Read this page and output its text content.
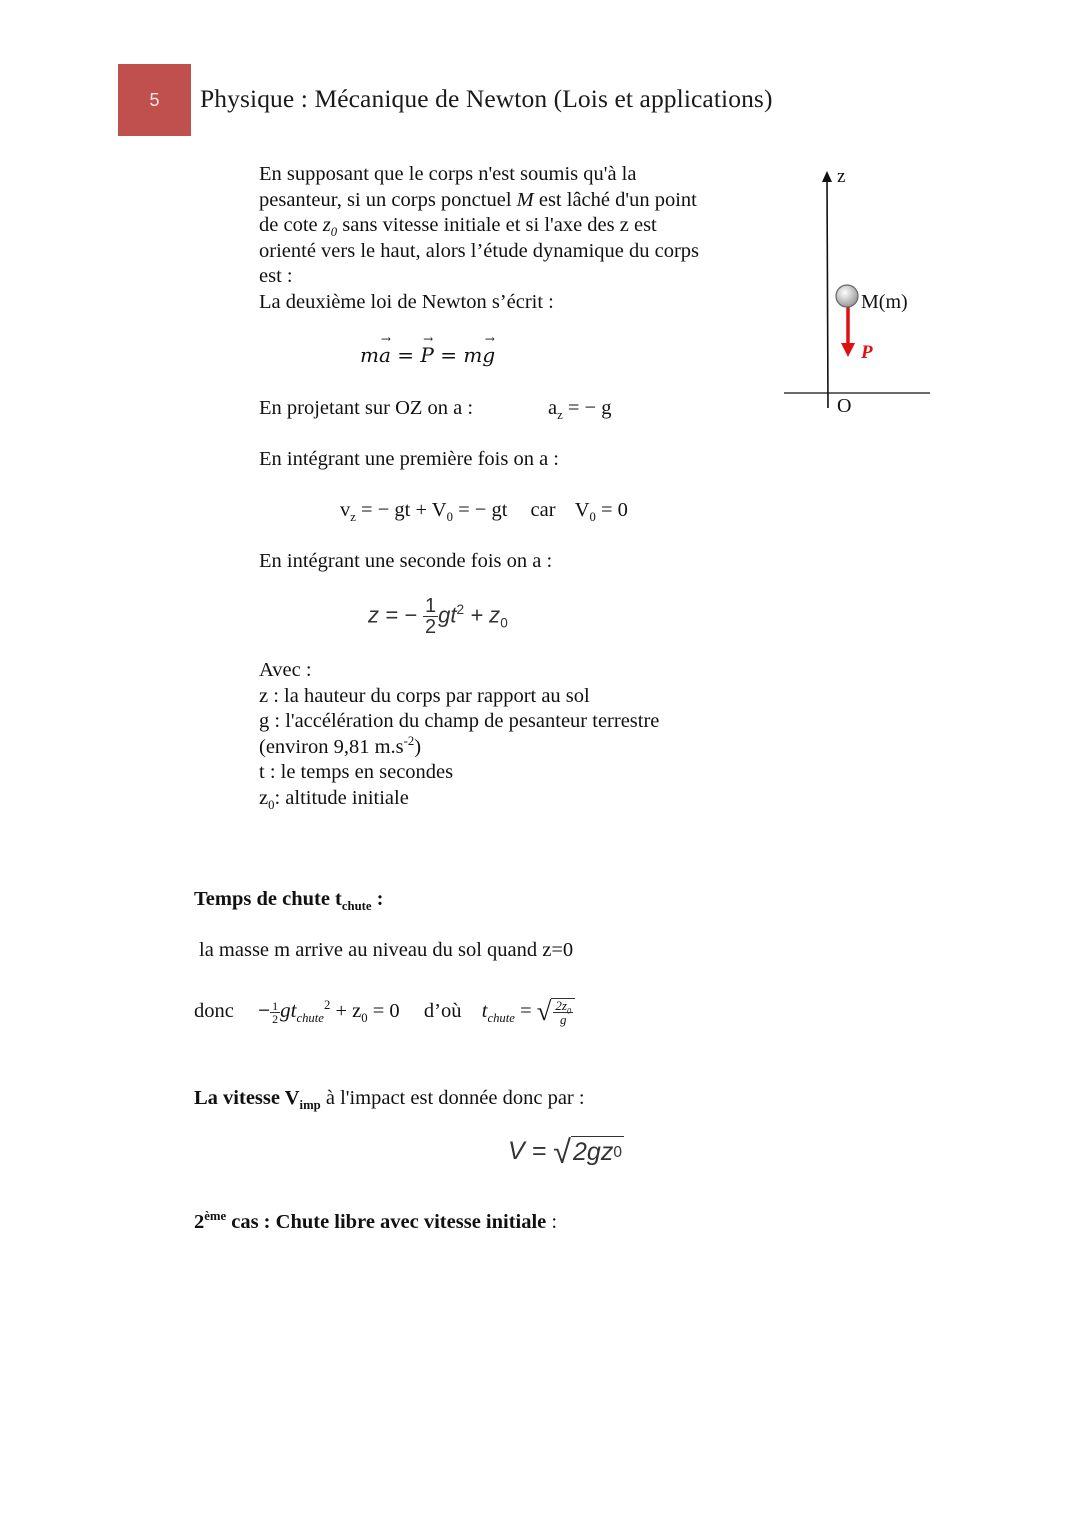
5 Physique : Mécanique de Newton (Lois et applications)
En supposant que le corps n'est soumis qu'à la
pesanteur, si un corps ponctuel M est lâché d'un point
de cote $z_0$ sans vitesse initiale et si l'axe des z est
orienté vers le haut, alors l’étude dynamique du corps
est :
La deuxième loi de Newton s’écrit :
ma → = P → = mg →
En projetant sur OZ on a :	$a_z$ = − g
En intégrant une première fois on a :
$v_z$ = − gt + $V_0$ = − gt car $V_0 = 0$
En intégrant une seconde fois on a :
z = − $\frac{1}{2} gt^2 + z_0$
Avec :
z : la hauteur du corps par rapport au sol
g : l'accélération du champ de pesanteur terrestre
(environ 9,81 $m.s^{-2}$)
t : le temps en secondes
$z_0$: altitude initiale
Temps de chute $t_{chute}$ :
la masse m arrive au niveau du sol quand z=0
donc − $\frac{1}{2} gt_{chute}^2 + z_0 = 0$ d’où $t_{chute}$ = √ $\frac{2z_0}{g}$
La vitesse $V_{imp}$ à l'impact est donnée donc par :
V = √ 2gz 0
2ème cas : Chute libre avec vitesse initiale :
z
O
M(m)
P
